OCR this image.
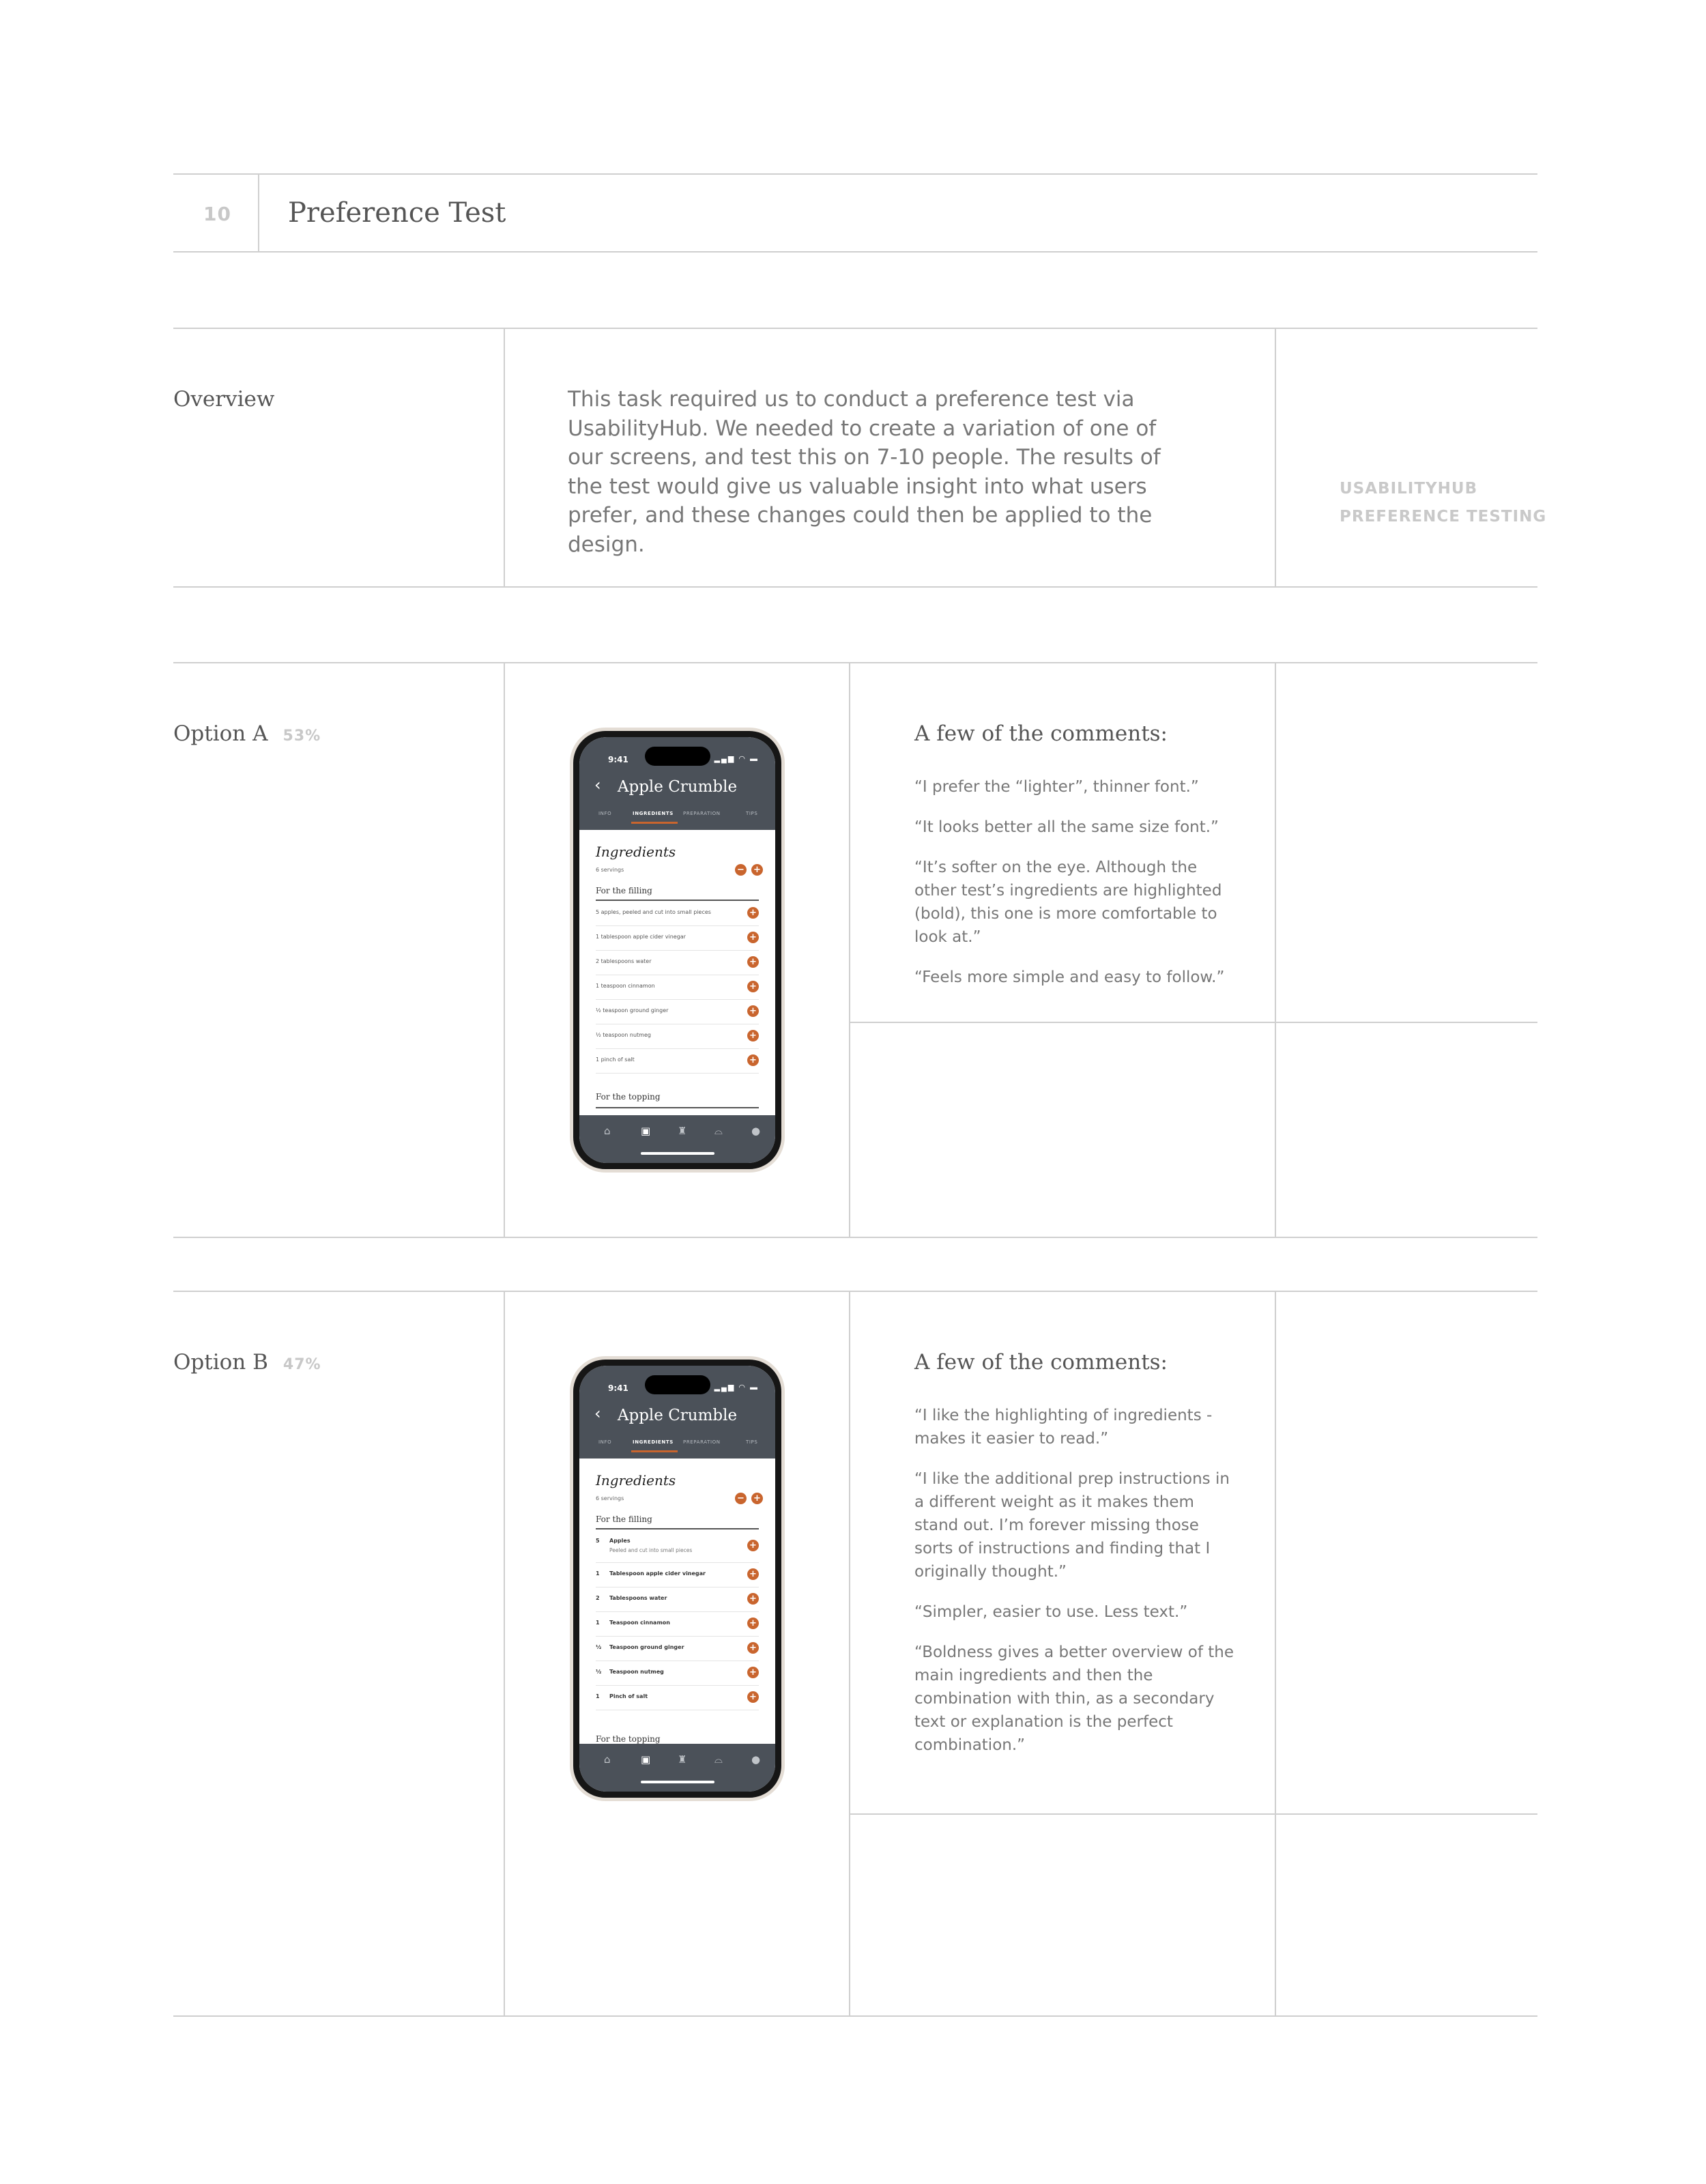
10 Preference Test
Overview	This task required us to conduct a preference test via UsabilityHub. We needed to create a variation of one of our screens, and test this on 7-10 people. The results of the test would give us valuable insight into what users prefer, and these changes could then be applied to the design.
USABILITYHUB
PREFERENCE TESTING
Option A 53%
9:41	▂▄▆ ◠ ▬
‹	Apple Crumble
INFO	INGREDIENTS PREPARATION	TIPS
Ingredients
6 servings	− +
For the filling
5 apples, peeled and cut into small pieces	+
1 tablespoon apple cider vinegar	+
2 tablespoons water	+
1 teaspoon cinnamon	+
½ teaspoon ground ginger	+
½ teaspoon nutmeg	+
1 pinch of salt	+
For the topping
⌂	▣	♜	⌓	●
A few of the comments:

“I prefer the “lighter”, thinner font.”

“It looks better all the same size font.”

“It’s softer on the eye. Although the other test’s ingredients are highlighted (bold), this one is more comfortable to look at.”

“Feels more simple and easy to follow.”

Option B 47%
9:41	▂▄▆ ◠ ▬
‹	Apple Crumble
INFO	INGREDIENTS PREPARATION	TIPS
Ingredients
6 servings	− +
For the filling
5 Apples
Peeled and cut into small pieces	+
1 Tablespoon apple cider vinegar	+
2 Tablespoons water	+
1 Teaspoon cinnamon	+
½ Teaspoon ground ginger	+
½ Teaspoon nutmeg	+
1 Pinch of salt	+
For the topping
⌂	▣	♜	⌓	●
A few of the comments:

“I like the highlighting of ingredients - makes it easier to read.”

“I like the additional prep instructions in a different weight as it makes them stand out. I’m forever missing those sorts of instructions and finding that I originally thought.”

“Simpler, easier to use. Less text.”

“Boldness gives a better overview of the main ingredients and then the combination with thin, as a secondary text or explanation is the perfect combination.”
